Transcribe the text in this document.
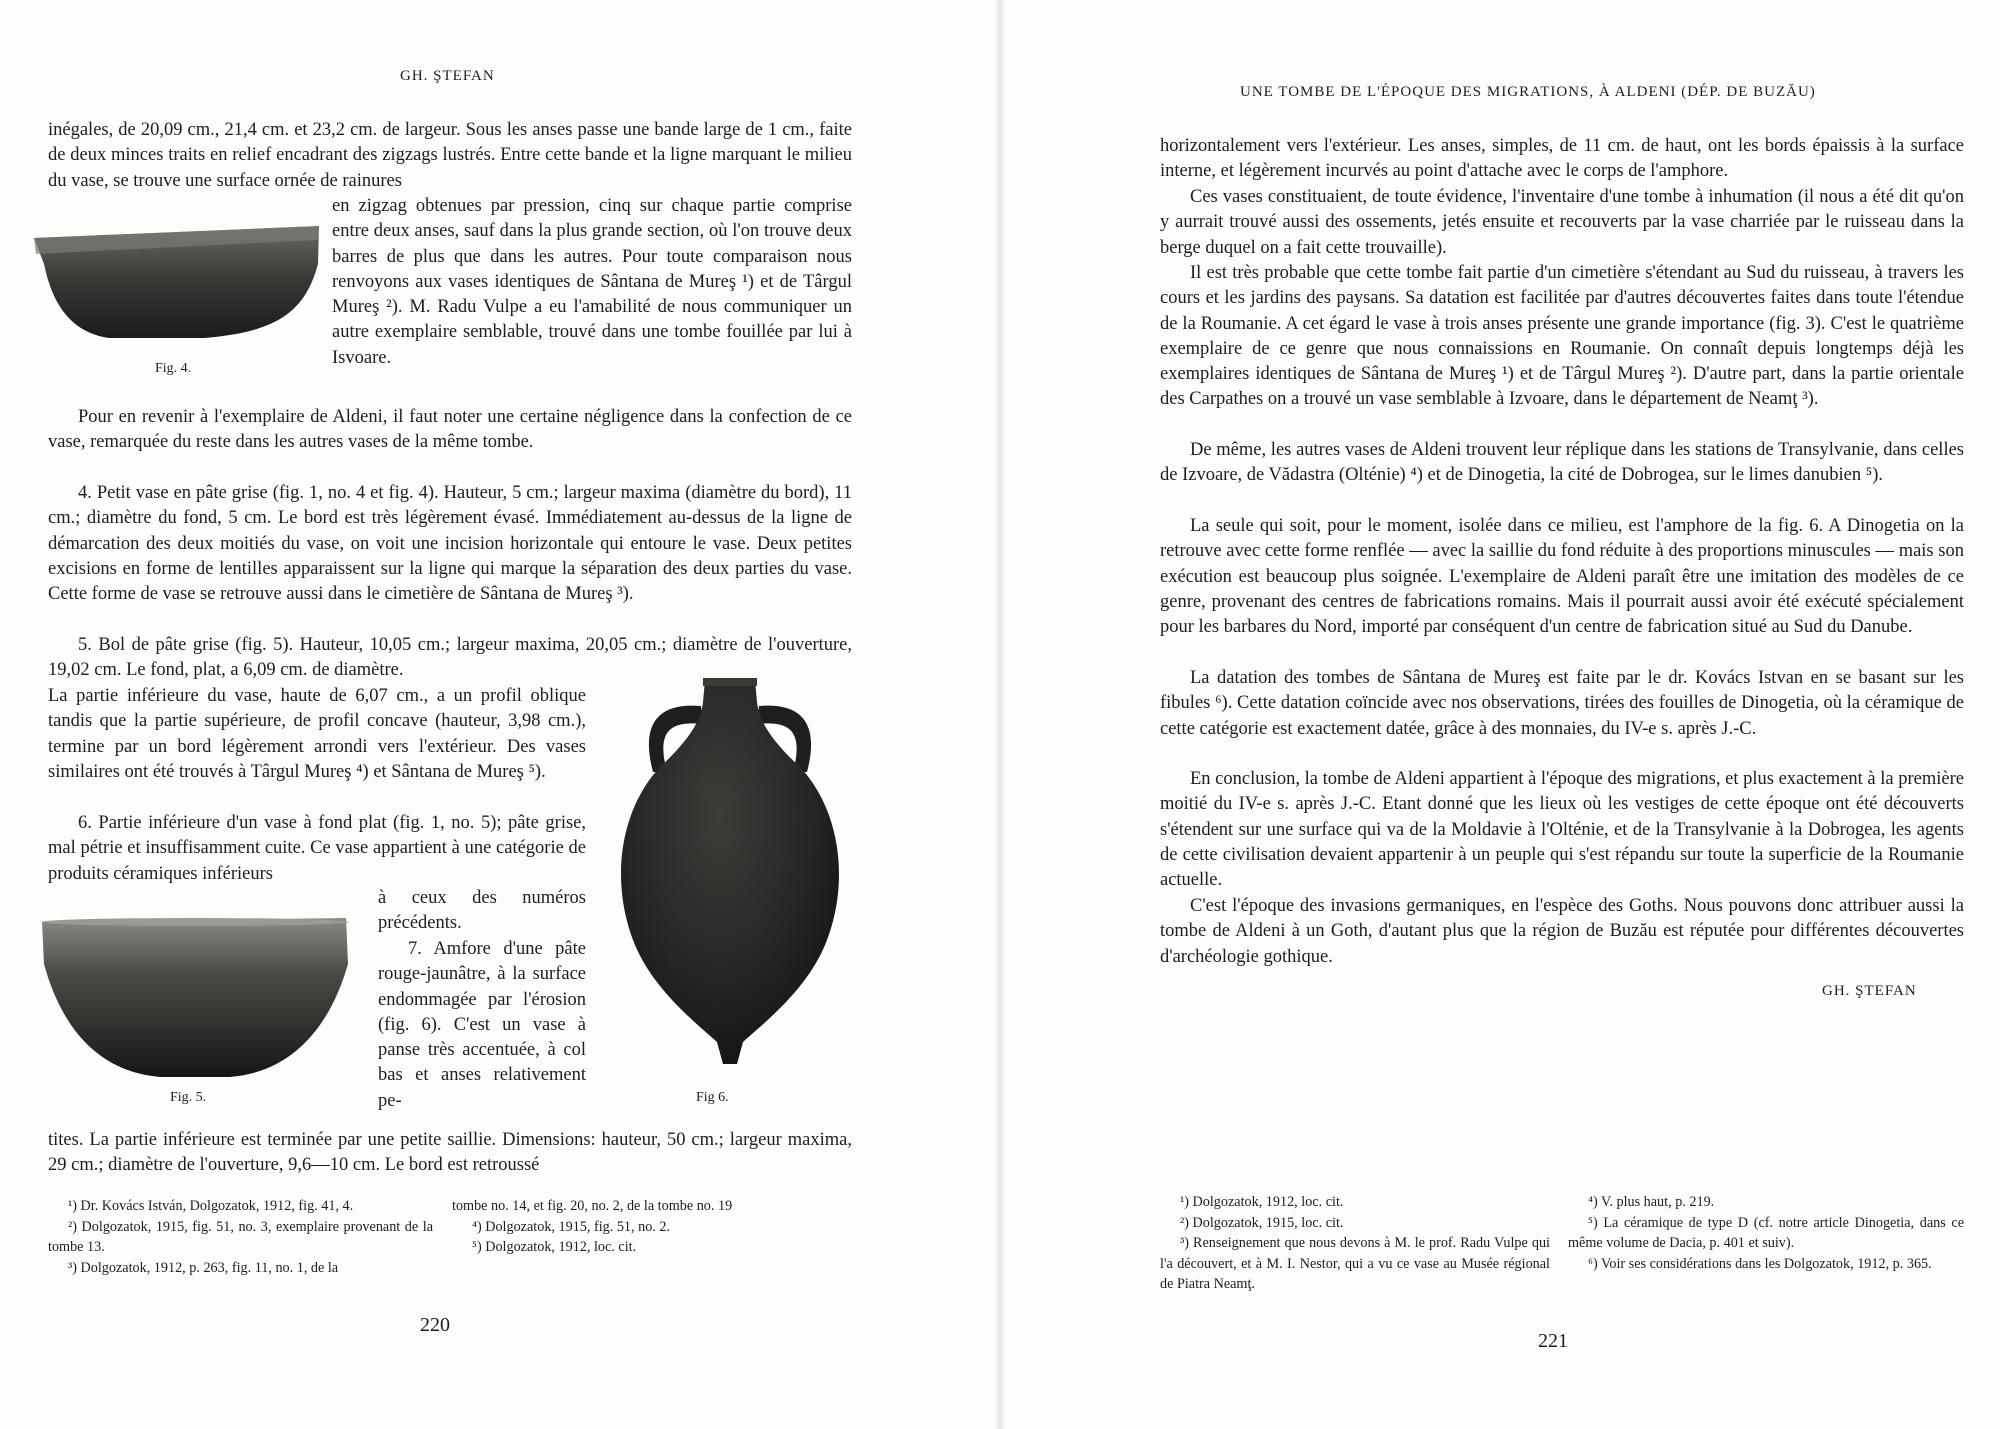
GH. ŞTEFAN

inégales, de 20,09 cm., 21,4 cm. et 23,2 cm. de largeur. Sous les anses passe une bande large de 1 cm., faite de deux minces traits en relief encadrant des zigzags lustrés. Entre cette bande et la ligne marquant le milieu du vase, se trouve une surface ornée de rainures

en zigzag obtenues par pression, cinq sur chaque partie comprise entre deux anses, sauf dans la plus grande section, où l'on trouve deux barres de plus que dans les autres. Pour toute comparaison nous renvoyons aux vases identiques de Sântana de Mureş ¹) et de Târgul Mureş ²). M. Radu Vulpe a eu l'amabilité de nous communiquer un autre exemplaire semblable, trouvé dans une tombe fouillée par lui à Isvoare.

Fig. 4.

Pour en revenir à l'exemplaire de Aldeni, il faut noter une certaine négligence dans la confection de ce vase, remarquée du reste dans les autres vases de la même tombe.

4. Petit vase en pâte grise (fig. 1, no. 4 et fig. 4). Hauteur, 5 cm.; largeur maxima (diamètre du bord), 11 cm.; diamètre du fond, 5 cm. Le bord est très légèrement évasé. Immédiatement au-dessus de la ligne de démarcation des deux moitiés du vase, on voit une incision horizontale qui entoure le vase. Deux petites excisions en forme de lentilles apparaissent sur la ligne qui marque la séparation des deux parties du vase. Cette forme de vase se retrouve aussi dans le cimetière de Sântana de Mureş ³).

5. Bol de pâte grise (fig. 5). Hauteur, 10,05 cm.; largeur maxima, 20,05 cm.; diamètre de l'ouverture, 19,02 cm. Le fond, plat, a 6,09 cm. de diamètre.

La partie inférieure du vase, haute de 6,07 cm., a un profil oblique tandis que la partie supérieure, de profil concave (hauteur, 3,98 cm.), termine par un bord légèrement arrondi vers l'extérieur. Des vases similaires ont été trouvés à Târgul Mureş ⁴) et Sântana de Mureş ⁵).

6. Partie inférieure d'un vase à fond plat (fig. 1, no. 5); pâte grise, mal pétrie et insuffisamment cuite. Ce vase appartient à une catégorie de produits céramiques inférieurs

à ceux des numéros précédents.

7. Amfore d'une pâte rouge-jaunâtre, à la surface endommagée par l'érosion (fig. 6). C'est un vase à panse très accentuée, à col bas et anses relativement pe-

Fig. 5.	Fig 6.

tites. La partie inférieure est terminée par une petite saillie. Dimensions: hauteur, 50 cm.; largeur maxima, 29 cm.; diamètre de l'ouverture, 9,6—10 cm. Le bord est retroussé

¹) Dr. Kovács István, Dolgozatok, 1912, fig. 41, 4.

²) Dolgozatok, 1915, fig. 51, no. 3, exemplaire provenant de la tombe 13.

³) Dolgozatok, 1912, p. 263, fig. 11, no. 1, de la

tombe no. 14, et fig. 20, no. 2, de la tombe no. 19

⁴) Dolgozatok, 1915, fig. 51, no. 2.

⁵) Dolgozatok, 1912, loc. cit.

220
UNE TOMBE DE L'ÉPOQUE DES MIGRATIONS, À ALDENI (DÉP. DE BUZĂU)

horizontalement vers l'extérieur. Les anses, simples, de 11 cm. de haut, ont les bords épaissis à la surface interne, et légèrement incurvés au point d'attache avec le corps de l'amphore.

Ces vases constituaient, de toute évidence, l'inventaire d'une tombe à inhumation (il nous a été dit qu'on y aurrait trouvé aussi des ossements, jetés ensuite et recouverts par la vase charriée par le ruisseau dans la berge duquel on a fait cette trouvaille).

Il est très probable que cette tombe fait partie d'un cimetière s'étendant au Sud du ruisseau, à travers les cours et les jardins des paysans. Sa datation est facilitée par d'autres découvertes faites dans toute l'étendue de la Roumanie. A cet égard le vase à trois anses présente une grande importance (fig. 3). C'est le quatrième exemplaire de ce genre que nous connaissions en Roumanie. On connaît depuis longtemps déjà les exemplaires identiques de Sântana de Mureş ¹) et de Târgul Mureş ²). D'autre part, dans la partie orientale des Carpathes on a trouvé un vase semblable à Izvoare, dans le département de Neamţ ³).

De même, les autres vases de Aldeni trouvent leur réplique dans les stations de Transylvanie, dans celles de Izvoare, de Vădastra (Olténie) ⁴) et de Dinogetia, la cité de Dobrogea, sur le limes danubien ⁵).

La seule qui soit, pour le moment, isolée dans ce milieu, est l'amphore de la fig. 6. A Dinogetia on la retrouve avec cette forme renflée — avec la saillie du fond réduite à des proportions minuscules — mais son exécution est beaucoup plus soignée. L'exemplaire de Aldeni paraît être une imitation des modèles de ce genre, provenant des centres de fabrications romains. Mais il pourrait aussi avoir été exécuté spécialement pour les barbares du Nord, importé par conséquent d'un centre de fabrication situé au Sud du Danube.

La datation des tombes de Sântana de Mureş est faite par le dr. Kovács Istvan en se basant sur les fibules ⁶). Cette datation coïncide avec nos observations, tirées des fouilles de Dinogetia, où la céramique de cette catégorie est exactement datée, grâce à des monnaies, du IV-e s. après J.-C.

En conclusion, la tombe de Aldeni appartient à l'époque des migrations, et plus exactement à la première moitié du IV-e s. après J.-C. Etant donné que les lieux où les vestiges de cette époque ont été découverts s'étendent sur une surface qui va de la Moldavie à l'Olténie, et de la Transylvanie à la Dobrogea, les agents de cette civilisation devaient appartenir à un peuple qui s'est répandu sur toute la superficie de la Roumanie actuelle.

C'est l'époque des invasions germaniques, en l'espèce des Goths. Nous pouvons donc attribuer aussi la tombe de Aldeni à un Goth, d'autant plus que la région de Buzău est réputée pour différentes découvertes d'archéologie gothique.

GH. ŞTEFAN

¹) Dolgozatok, 1912, loc. cit.

²) Dolgozatok, 1915, loc. cit.

³) Renseignement que nous devons à M. le prof. Radu Vulpe qui l'a découvert, et à M. I. Nestor, qui a vu ce vase au Musée régional de Piatra Neamţ.

⁴) V. plus haut, p. 219.

⁵) La céramique de type D (cf. notre article Dinogetia, dans ce même volume de Dacia, p. 401 et suiv).

⁶) Voir ses considérations dans les Dolgozatok, 1912, p. 365.

221
